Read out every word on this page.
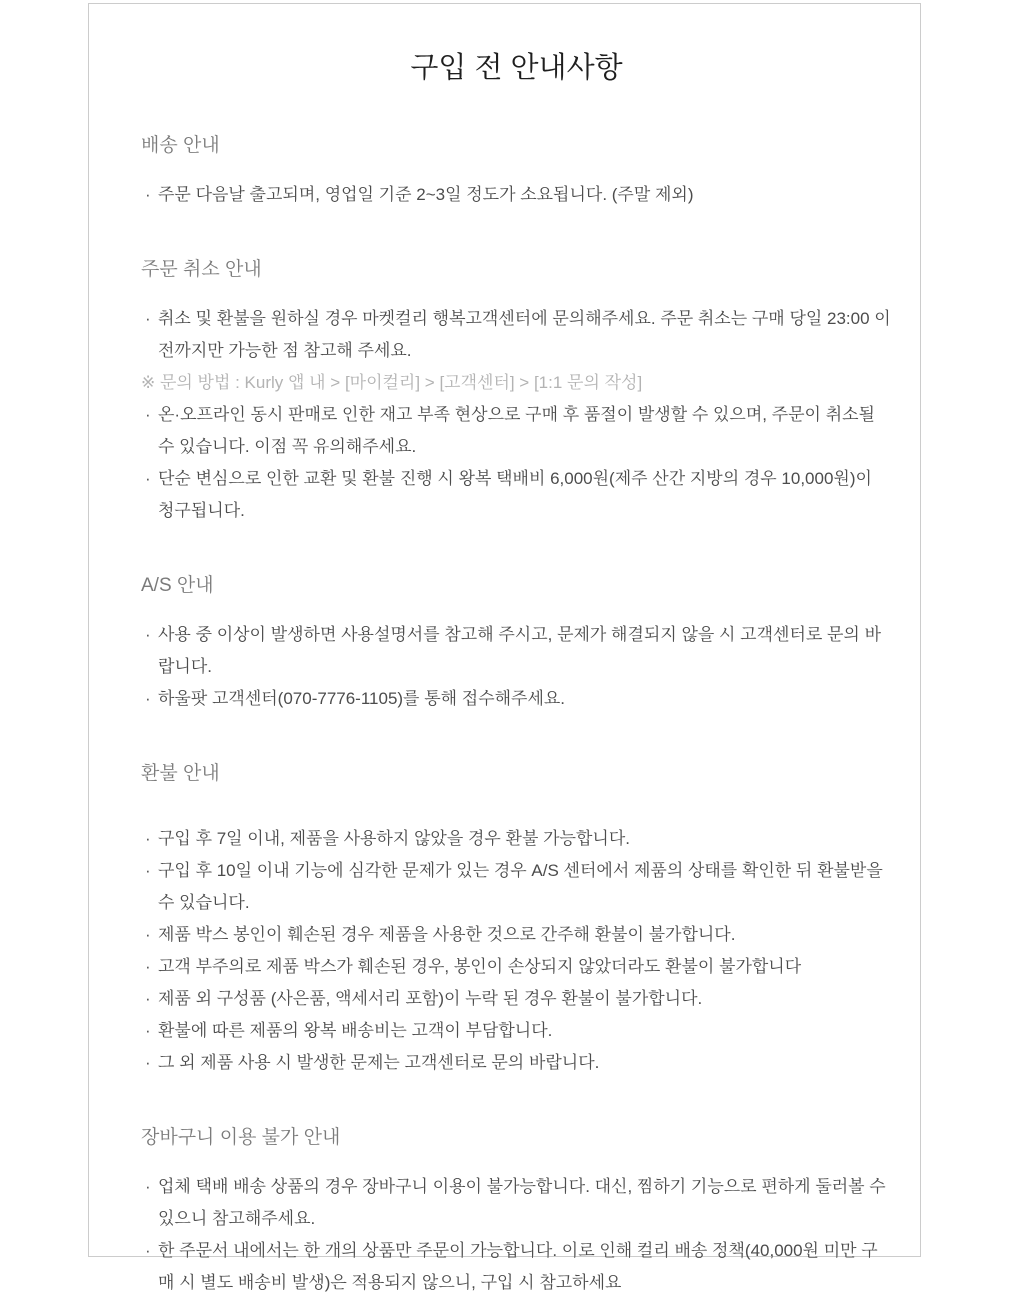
구입 전 안내사항
배송 안내
· 주문 다음날 출고되며, 영업일 기준 2~3일 정도가 소요됩니다. (주말 제외)
주문 취소 안내
· 취소 및 환불을 원하실 경우 마켓컬리 행복고객센터에 문의해주세요. 주문 취소는 구매 당일 23:00 이전까지만 가능한 점 참고해 주세요.
※ 문의 방법 : Kurly 앱 내 > [마이컬리] > [고객센터] > [1:1 문의 작성]
· 온·오프라인 동시 판매로 인한 재고 부족 현상으로 구매 후 품절이 발생할 수 있으며, 주문이 취소될 수 있습니다. 이점 꼭 유의해주세요.
· 단순 변심으로 인한 교환 및 환불 진행 시 왕복 택배비 6,000원(제주 산간 지방의 경우 10,000원)이 청구됩니다.
A/S 안내
· 사용 중 이상이 발생하면 사용설명서를 참고해 주시고, 문제가 해결되지 않을 시 고객센터로 문의 바랍니다.
· 하울팟 고객센터(070-7776-1105)를 통해 접수해주세요.
환불 안내
· 구입 후 7일 이내, 제품을 사용하지 않았을 경우 환불 가능합니다.
· 구입 후 10일 이내 기능에 심각한 문제가 있는 경우 A/S 센터에서 제품의 상태를 확인한 뒤 환불받을 수 있습니다.
· 제품 박스 봉인이 훼손된 경우 제품을 사용한 것으로 간주해 환불이 불가합니다.
· 고객 부주의로 제품 박스가 훼손된 경우, 봉인이 손상되지 않았더라도 환불이 불가합니다
· 제품 외 구성품 (사은품, 액세서리 포함)이 누락 된 경우 환불이 불가합니다.
· 환불에 따른 제품의 왕복 배송비는 고객이 부담합니다.
· 그 외 제품 사용 시 발생한 문제는 고객센터로 문의 바랍니다.
장바구니 이용 불가 안내
· 업체 택배 배송 상품의 경우 장바구니 이용이 불가능합니다. 대신, 찜하기 기능으로 편하게 둘러볼 수 있으니 참고해주세요.
· 한 주문서 내에서는 한 개의 상품만 주문이 가능합니다. 이로 인해 컬리 배송 정책(40,000원 미만 구매 시 별도 배송비 발생)은 적용되지 않으니, 구입 시 참고하세요
